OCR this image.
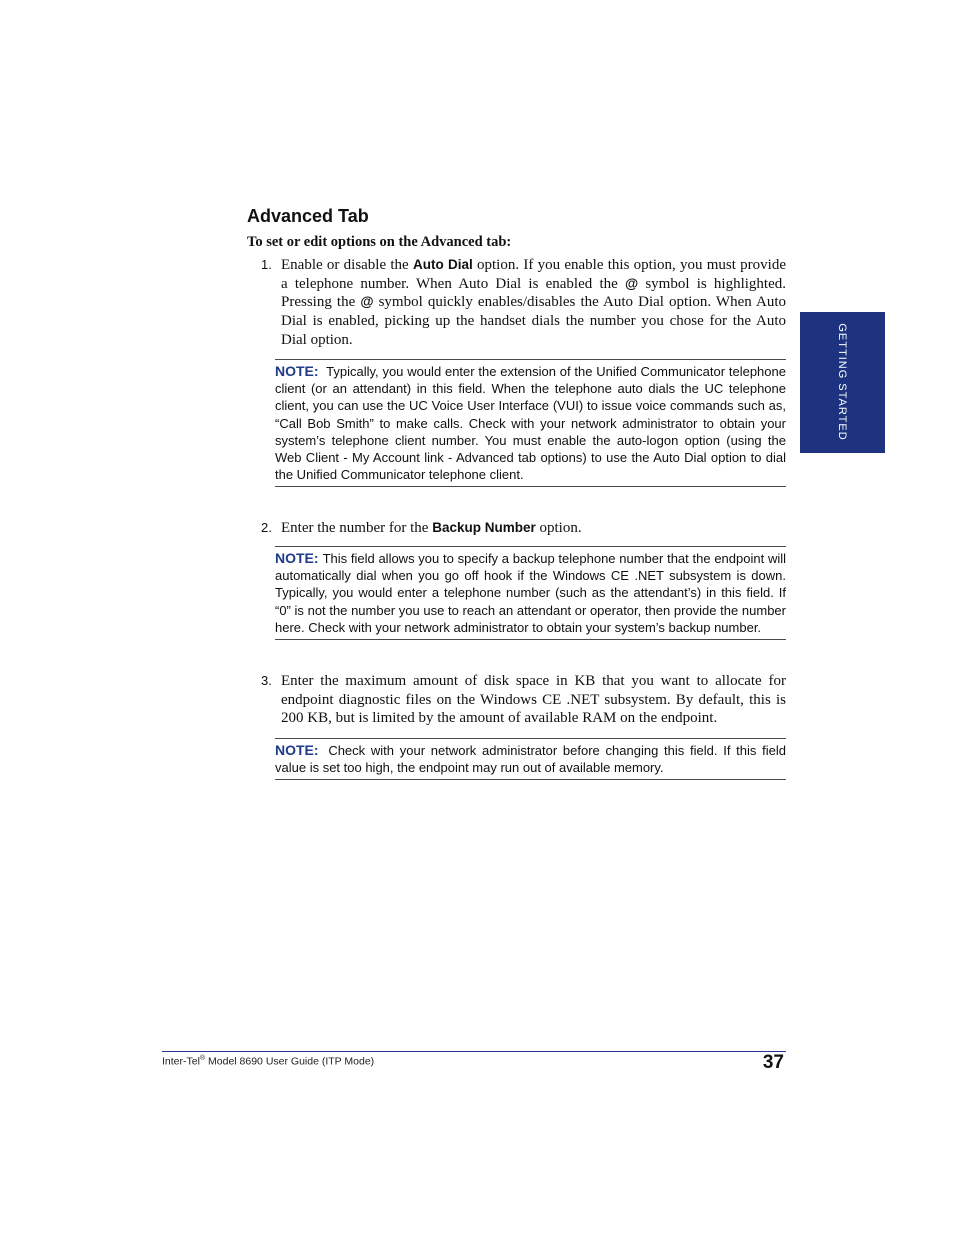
Advanced Tab

To set or edit options on the Advanced tab:

1. Enable or disable the Auto Dial option. If you enable this option, you must provide a telephone number. When Auto Dial is enabled the @ symbol is highlighted. Pressing the @ symbol quickly enables/disables the Auto Dial option. When Auto Dial is enabled, picking up the handset dials the number you chose for the Auto Dial option.
NOTE: Typically, you would enter the extension of the Unified Communicator telephone client (or an attendant) in this field. When the telephone auto dials the UC telephone client, you can use the UC Voice User Interface (VUI) to issue voice commands such as, “Call Bob Smith” to make calls. Check with your network administrator to obtain your system’s telephone client number. You must enable the auto-logon option (using the Web Client - My Account link - Advanced tab options) to use the Auto Dial option to dial the Unified Communicator telephone client.
2. Enter the number for the Backup Number option.
NOTE: This field allows you to specify a backup telephone number that the endpoint will automatically dial when you go off hook if the Windows CE .NET subsystem is down. Typically, you would enter a telephone number (such as the attendant’s) in this field. If “0” is not the number you use to reach an attendant or operator, then provide the number here. Check with your network administrator to obtain your system’s backup number.
3. Enter the maximum amount of disk space in KB that you want to allocate for endpoint diagnostic files on the Windows CE .NET subsystem. By default, this is 200 KB, but is limited by the amount of available RAM on the endpoint.
NOTE: Check with your network administrator before changing this field. If this field value is set too high, the endpoint may run out of available memory.
GETTING STARTED
Inter-Tel® Model 8690 User Guide (ITP Mode)	37
